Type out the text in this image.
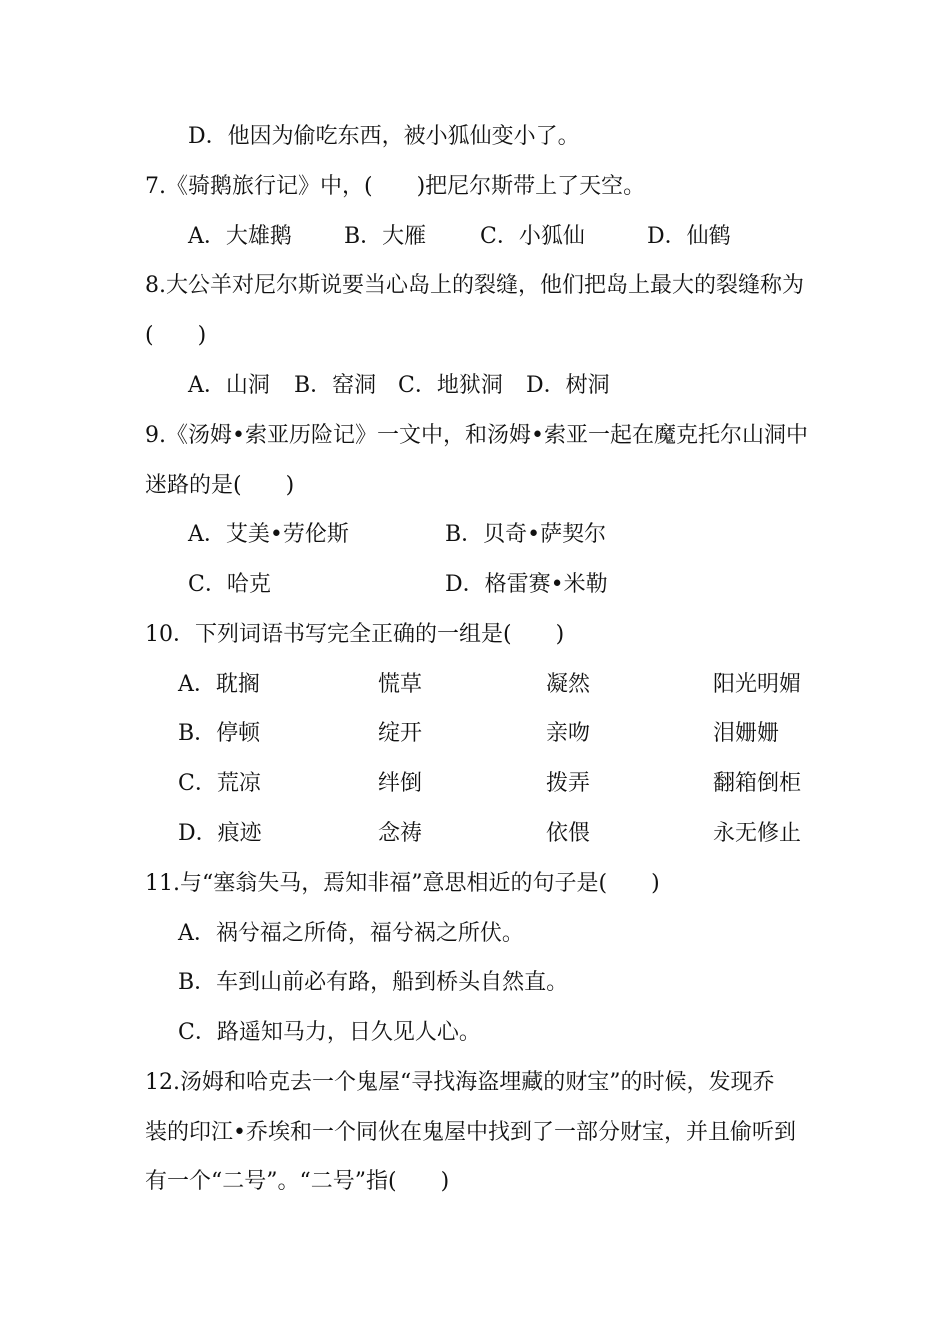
D．他因为偷吃东西，被小狐仙变小了。
7.《骑鹅旅行记》中，(　　)把尼尔斯带上了天空。
A．大雄鹅 B．大雁 C．小狐仙	D．仙鹤
8.大公羊对尼尔斯说要当心岛上的裂缝，他们把岛上最大的裂缝称为
(　　)
A．山洞 B．窑洞 C．地狱洞 D．树洞
9.《汤姆•索亚历险记》一文中，和汤姆•索亚一起在魔克托尔山洞中
迷路的是(　　)
A．艾美•劳伦斯	B．贝奇•萨契尔
C．哈克	D．格雷赛•米勒
10．下列词语书写完全正确的一组是(　　)
A．耽搁	慌草	凝然	阳光明媚
B．停顿	绽开	亲吻	泪姗姗
C．荒凉	绊倒	拨弄	翻箱倒柜
D．痕迹	念祷	依偎	永无修止
11.与“塞翁失马，焉知非福”意思相近的句子是(　　)
A．祸兮福之所倚，福兮祸之所伏。
B．车到山前必有路，船到桥头自然直。
C．路遥知马力，日久见人心。
12.汤姆和哈克去一个鬼屋“寻找海盗埋藏的财宝”的时候，发现乔
装的印江•乔埃和一个同伙在鬼屋中找到了一部分财宝，并且偷听到
有一个“二号”。“二号”指(　　)
